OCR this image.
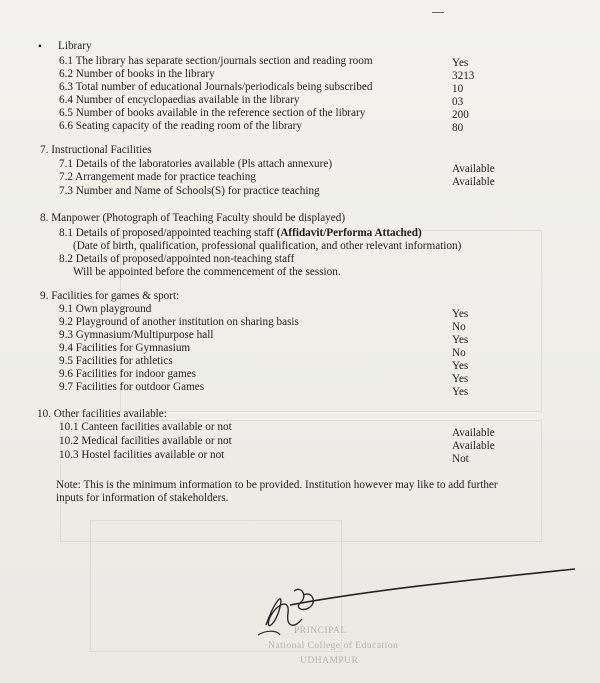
• Library
6.1 The library has separate section/journals section and reading room	Yes
6.2 Number of books in the library	3213
6.3 Total number of educational Journals/periodicals being subscribed	10
6.4 Number of encyclopaedias available in the library	03
6.5 Number of books available in the reference section of the library	200
6.6 Seating capacity of the reading room of the library	80
7. Instructional Facilities
7.1 Details of the laboratories available (Pls attach annexure)	Available
7.2 Arrangement made for practice teaching	Available
7.3 Number and Name of Schools(S) for practice teaching
8. Manpower (Photograph of Teaching Faculty should be displayed)
8.1 Details of proposed/appointed teaching staff (Affidavit/Performa Attached)
(Date of birth, qualification, professional qualification, and other relevant information)
8.2 Details of proposed/appointed non-teaching staff
Will be appointed before the commencement of the session.
9. Facilities for games & sport:
9.1 Own playground	Yes
9.2 Playground of another institution on sharing basis	No
9.3 Gymnasium/Multipurpose hall	Yes
9.4 Facilities for Gymnasium	No
9.5 Facilities for athletics	Yes
9.6 Facilities for indoor games	Yes
9.7 Facilities for outdoor Games	Yes
10. Other facilities available:
10.1 Canteen facilities available or not	Available
10.2 Medical facilities available or not	Available
10.3 Hostel facilities available or not	Not
Note: This is the minimum information to be provided. Institution however may like to add further
inputs for information of stakeholders.
PRINCIPAL
National College of Education
UDHAMPUR
